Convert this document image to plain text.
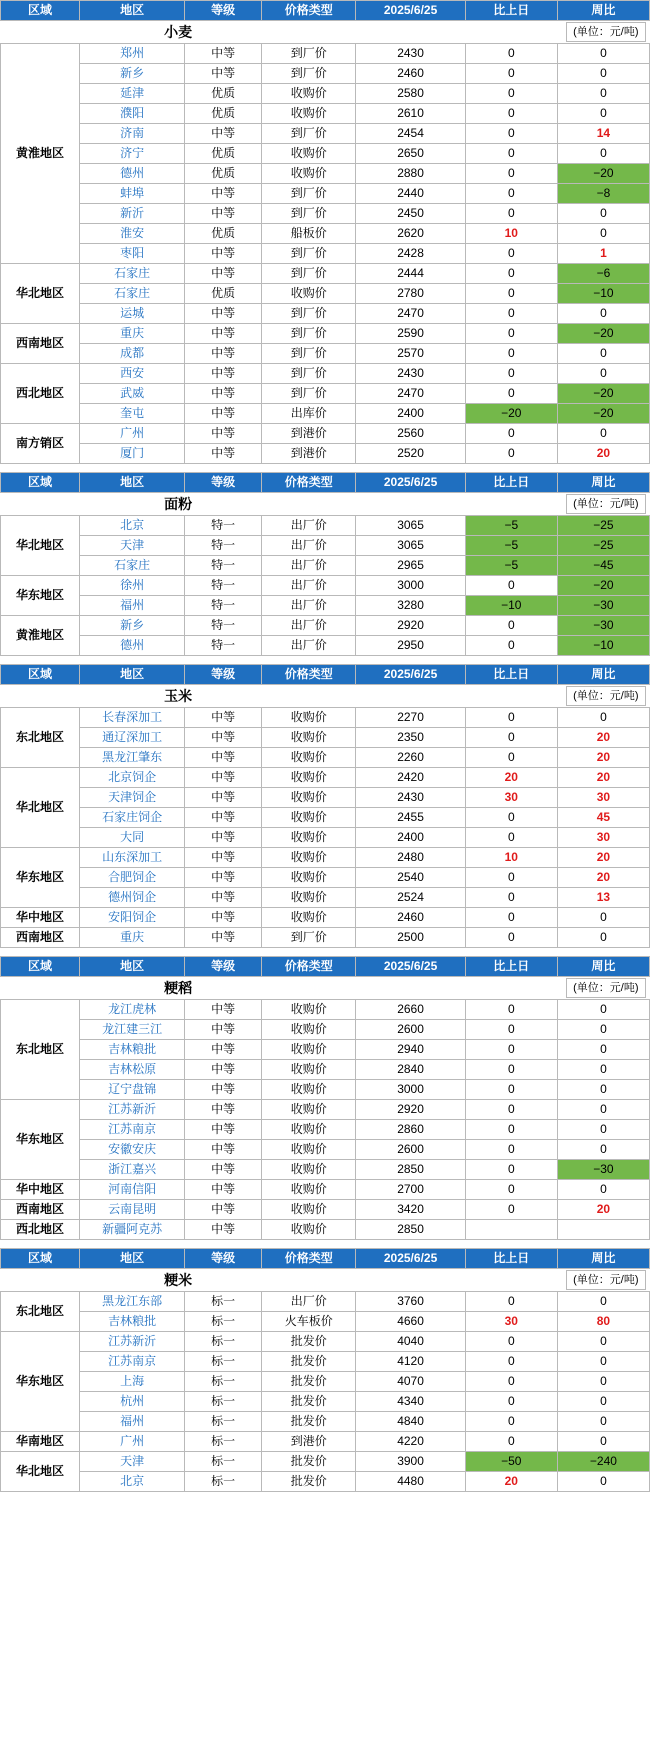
小麦				(单位：元/吨)		
区域	地区	等级	价格类型	2025/6/25	比上日	周比
黄淮地区	郑州	中等	到厂价	2430	0	0
	新乡	中等	到厂价	2460	0	0
	延津	优质	收购价	2580	0	0
	濮阳	优质	收购价	2610	0	0
	济南	中等	到厂价	2454	0	14
	济宁	优质	收购价	2650	0	0
	德州	优质	收购价	2880	0	−20
	蚌埠	中等	到厂价	2440	0	−8
	新沂	中等	到厂价	2450	0	0
	淮安	优质	船板价	2620	10	0
	枣阳	中等	到厂价	2428	0	1
华北地区	石家庄	中等	到厂价	2444	0	−6
	石家庄	优质	收购价	2780	0	−10
	运城	中等	到厂价	2470	0	0
西南地区	重庆	中等	到厂价	2590	0	−20
	成都	中等	到厂价	2570	0	0
西北地区	西安	中等	到厂价	2430	0	0
	武威	中等	到厂价	2470	0	−20
	奎屯	中等	出库价	2400	−20	−20
南方销区	广州	中等	到港价	2560	0	0
	厦门	中等	到港价	2520	0	20
面粉				(单位：元/吨)		
区域	地区	等级	价格类型	2025/6/25	比上日	周比
华北地区	北京	特一	出厂价	3065	−5	−25
	天津	特一	出厂价	3065	−5	−25
	石家庄	特一	出厂价	2965	−5	−45
华东地区	徐州	特一	出厂价	3000	0	−20
	福州	特一	出厂价	3280	−10	−30
黄淮地区	新乡	特一	出厂价	2920	0	−30
	德州	特一	出厂价	2950	0	−10
玉米				(单位：元/吨)		
区域	地区	等级	价格类型	2025/6/25	比上日	周比
东北地区	长春深加工	中等	收购价	2270	0	0
	通辽深加工	中等	收购价	2350	0	20
	黑龙江肇东	中等	收购价	2260	0	20
华北地区	北京饲企	中等	收购价	2420	20	20
	天津饲企	中等	收购价	2430	30	30
	石家庄饲企	中等	收购价	2455	0	45
	大同	中等	收购价	2400	0	30
华东地区	山东深加工	中等	收购价	2480	10	20
	合肥饲企	中等	收购价	2540	0	20
	德州饲企	中等	收购价	2524	0	13
华中地区	安阳饲企	中等	收购价	2460	0	0
西南地区	重庆	中等	到厂价	2500	0	0
粳稻				(单位：元/吨)		
区域	地区	等级	价格类型	2025/6/25	比上日	周比
东北地区	龙江虎林	中等	收购价	2660	0	0
	龙江建三江	中等	收购价	2600	0	0
	吉林粮批	中等	收购价	2940	0	0
	吉林松原	中等	收购价	2840	0	0
	辽宁盘锦	中等	收购价	3000	0	0
华东地区	江苏新沂	中等	收购价	2920	0	0
	江苏南京	中等	收购价	2860	0	0
	安徽安庆	中等	收购价	2600	0	0
	浙江嘉兴	中等	收购价	2850	0	−30
华中地区	河南信阳	中等	收购价	2700	0	0
西南地区	云南昆明	中等	收购价	3420	0	20
西北地区	新疆阿克苏	中等	收购价	2850		
粳米				(单位：元/吨)		
区域	地区	等级	价格类型	2025/6/25	比上日	周比
东北地区	黑龙江东部	标一	出厂价	3760	0	0
	吉林粮批	标一	火车板价	4660	30	80
华东地区	江苏新沂	标一	批发价	4040	0	0
	江苏南京	标一	批发价	4120	0	0
	上海	标一	批发价	4070	0	0
	杭州	标一	批发价	4340	0	0
	福州	标一	批发价	4840	0	0
华南地区	广州	标一	到港价	4220	0	0
华北地区	天津	标一	批发价	3900	−50	−240
	北京	标一	批发价	4480	20	0
